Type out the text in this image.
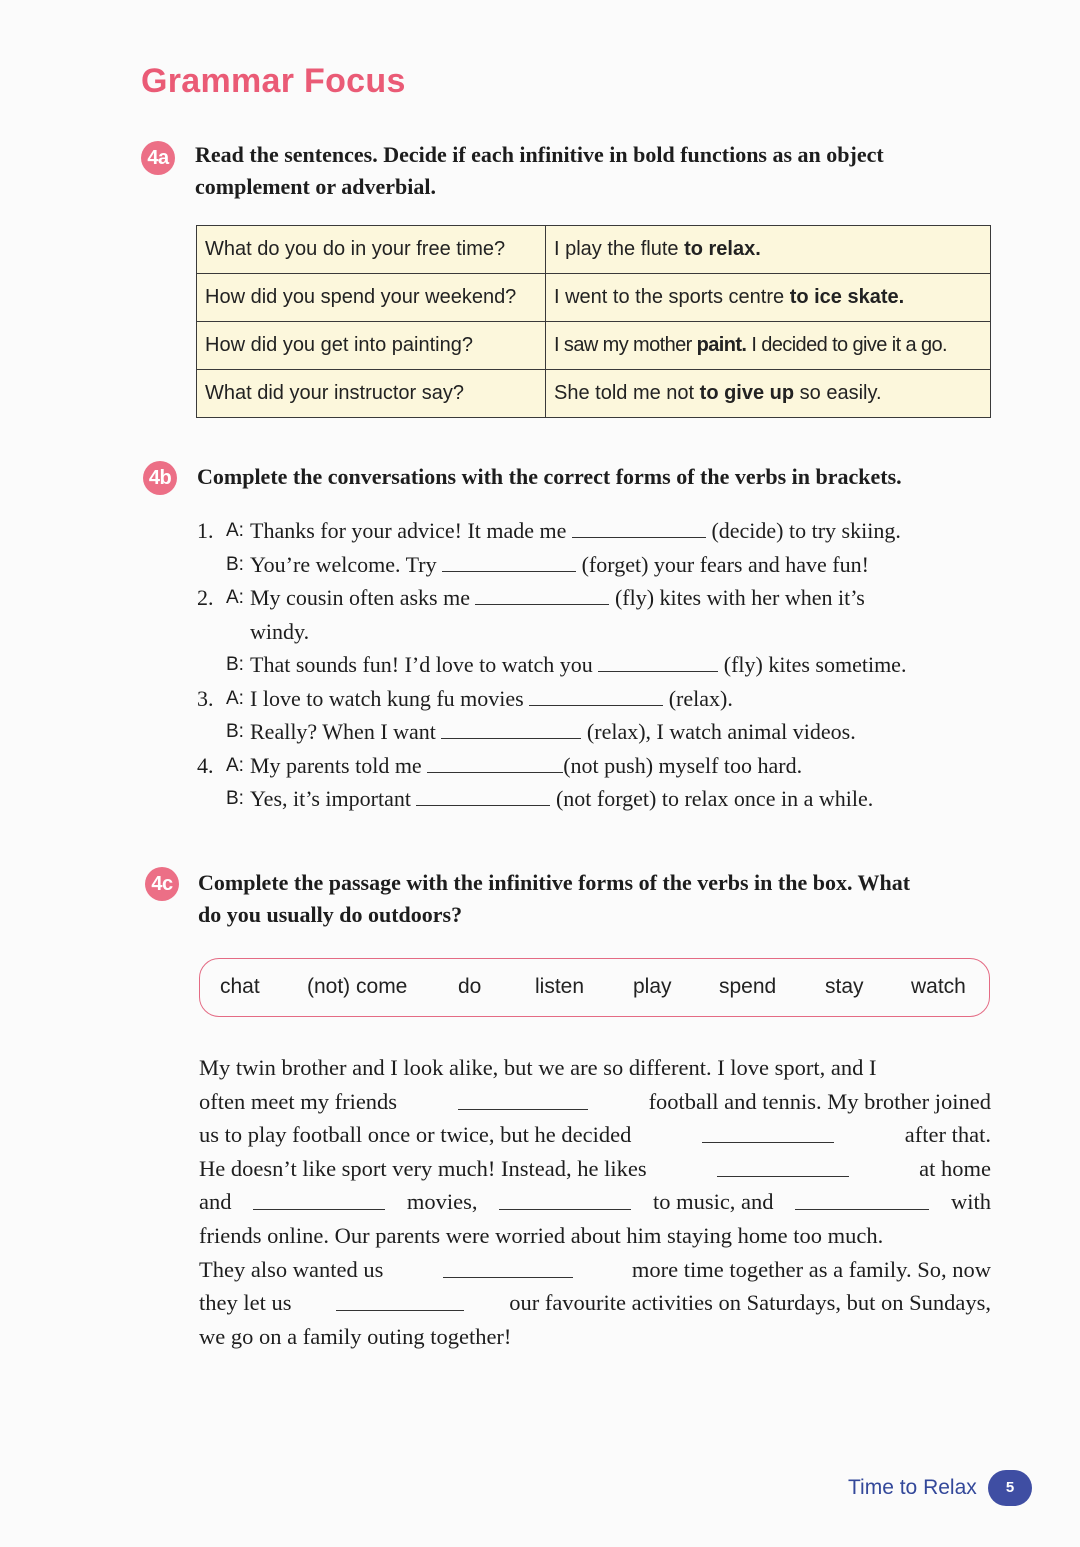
Grammar Focus
4a Read the sentences. Decide if each infinitive in bold functions as an object
complement or adverbial.
What do you do in your free time?	I play the flute to relax.
How did you spend your weekend?	I went to the sports centre to ice skate.
How did you get into painting?	I saw my mother paint. I decided to give it a go.
What did your instructor say?	She told me not to give up so easily.
4b Complete the conversations with the correct forms of the verbs in brackets.
1. A: Thanks for your advice! It made me	(decide) to try skiing.
B: You’re welcome. Try	(forget) your fears and have fun!
2. A: My cousin often asks me	(fly) kites with her when it’s
windy.
B: That sounds fun! I’d love to watch you	(fly) kites sometime.
3. A: I love to watch kung fu movies	(relax).
B: Really? When I want	(relax), I watch animal videos.
4. A: My parents told me	(not push) myself too hard.
B: Yes, it’s important	(not forget) to relax once in a while.
4c Complete the passage with the infinitive forms of the verbs in the box. What
do you usually do outdoors?
chat (not) come do	listen play spend stay watch
My twin brother and I look alike, but we are so different. I love sport, and I
often meet my friends	football and tennis. My brother joined
us to play football once or twice, but he decided	after that.
He doesn’t like sport very much! Instead, he likes	at home
and	movies,	to music, and	with
friends online. Our parents were worried about him staying home too much.
They also wanted us	more time together as a family. So, now
they let us	our favourite activities on Saturdays, but on Sundays,
we go on a family outing together!
Time to Relax	5
